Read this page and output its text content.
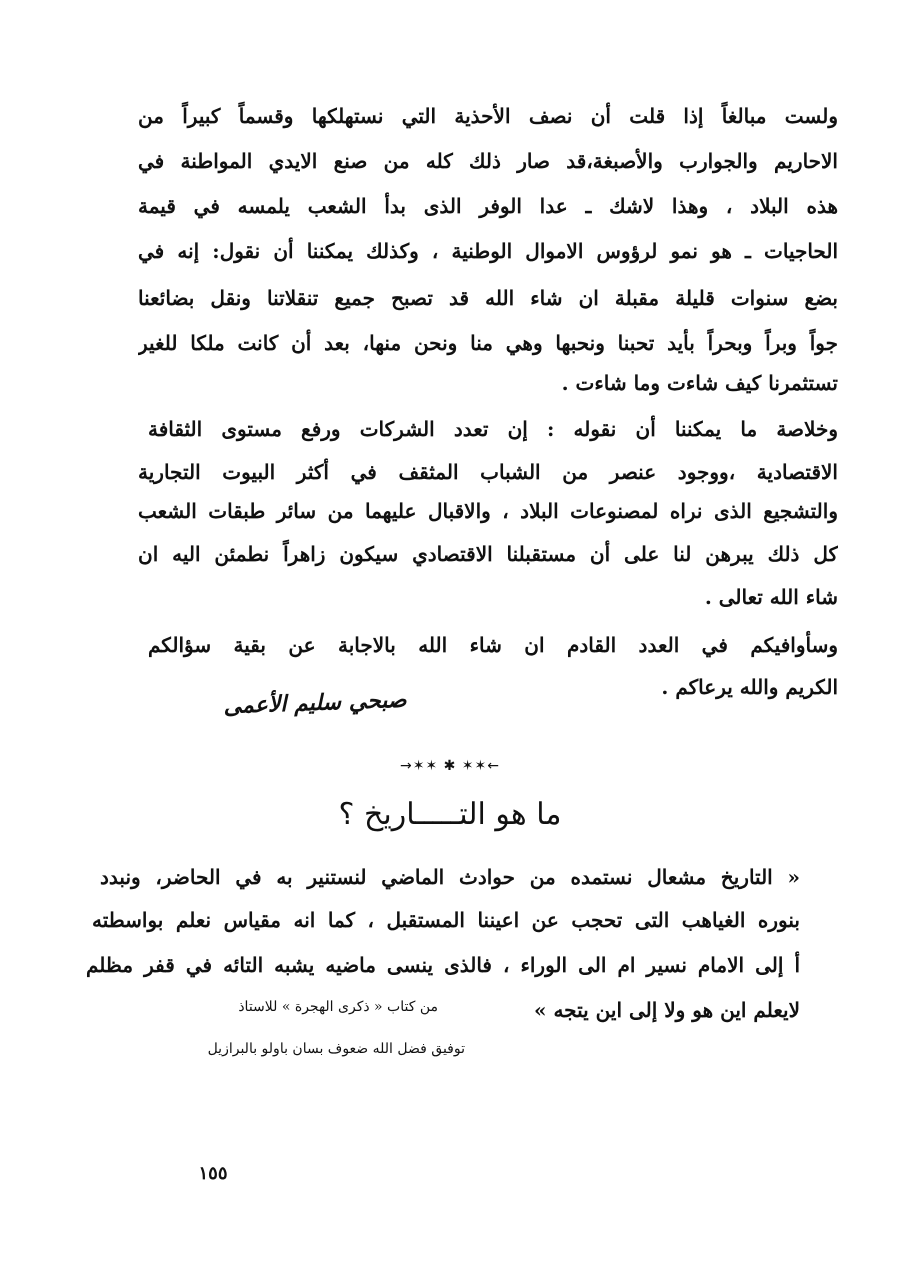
ولست مبالغاً إذا قلت أن نصف الأحذية التي نستهلكها وقسماً كبيراً من
الاحاريم والجوارب والأصبغة،قد صار ذلك كله من صنع الايدي المواطنة في
هذه البلاد ، وهذا لاشك ـ عدا الوفر الذى بدأ الشعب يلمسه في قيمة
الحاجيات ـ هو نمو لرؤوس الاموال الوطنية ، وكذلك يمكننا أن نقول: إنه في
بضع سنوات قليلة مقبلة ان شاء الله قد تصبح جميع تنقلاتنا ونقل بضائعنا
جواً وبراً وبحراً بأيد تحبنا ونحبها وهي منا ونحن منها، بعد أن كانت ملكا للغير
تستثمرنا كيف شاءت وما شاءت .
وخلاصة ما يمكننا أن نقوله : إن تعدد الشركات ورفع مستوى الثقافة
الاقتصادية ،ووجود عنصر من الشباب المثقف في أكثر البيوت التجارية
والتشجيع الذى نراه لمصنوعات البلاد ، والاقبال عليهما من سائر طبقات الشعب
كل ذلك يبرهن لنا على أن مستقبلنا الاقتصادي سيكون زاهراً نطمئن اليه ان
شاء الله تعالى .
وسأوافيكم في العدد القادم ان شاء الله بالاجابة عن بقية سؤالكم
الكريم والله يرعاكم .
صبحي سليم الأعمى
→✶✶ ✱ ✶✶←
ما هو التـــــاريخ ؟
« التاريخ مشعال نستمده من حوادث الماضي لنستنير به في الحاضر، ونبدد
بنوره الغياهب التى تحجب عن اعيننا المستقبل ، كما انه مقياس نعلم بواسطته
أ إلى الامام نسير ام الى الوراء ، فالذى ينسى ماضيه يشبه التائه في قفر مظلم
لايعلم اين هو ولا إلى اين يتجه »
من كتاب « ذكرى الهجرة » للاستاذ
توفيق فضل الله ضعوف بسان باولو بالبرازيل
١٥٥
